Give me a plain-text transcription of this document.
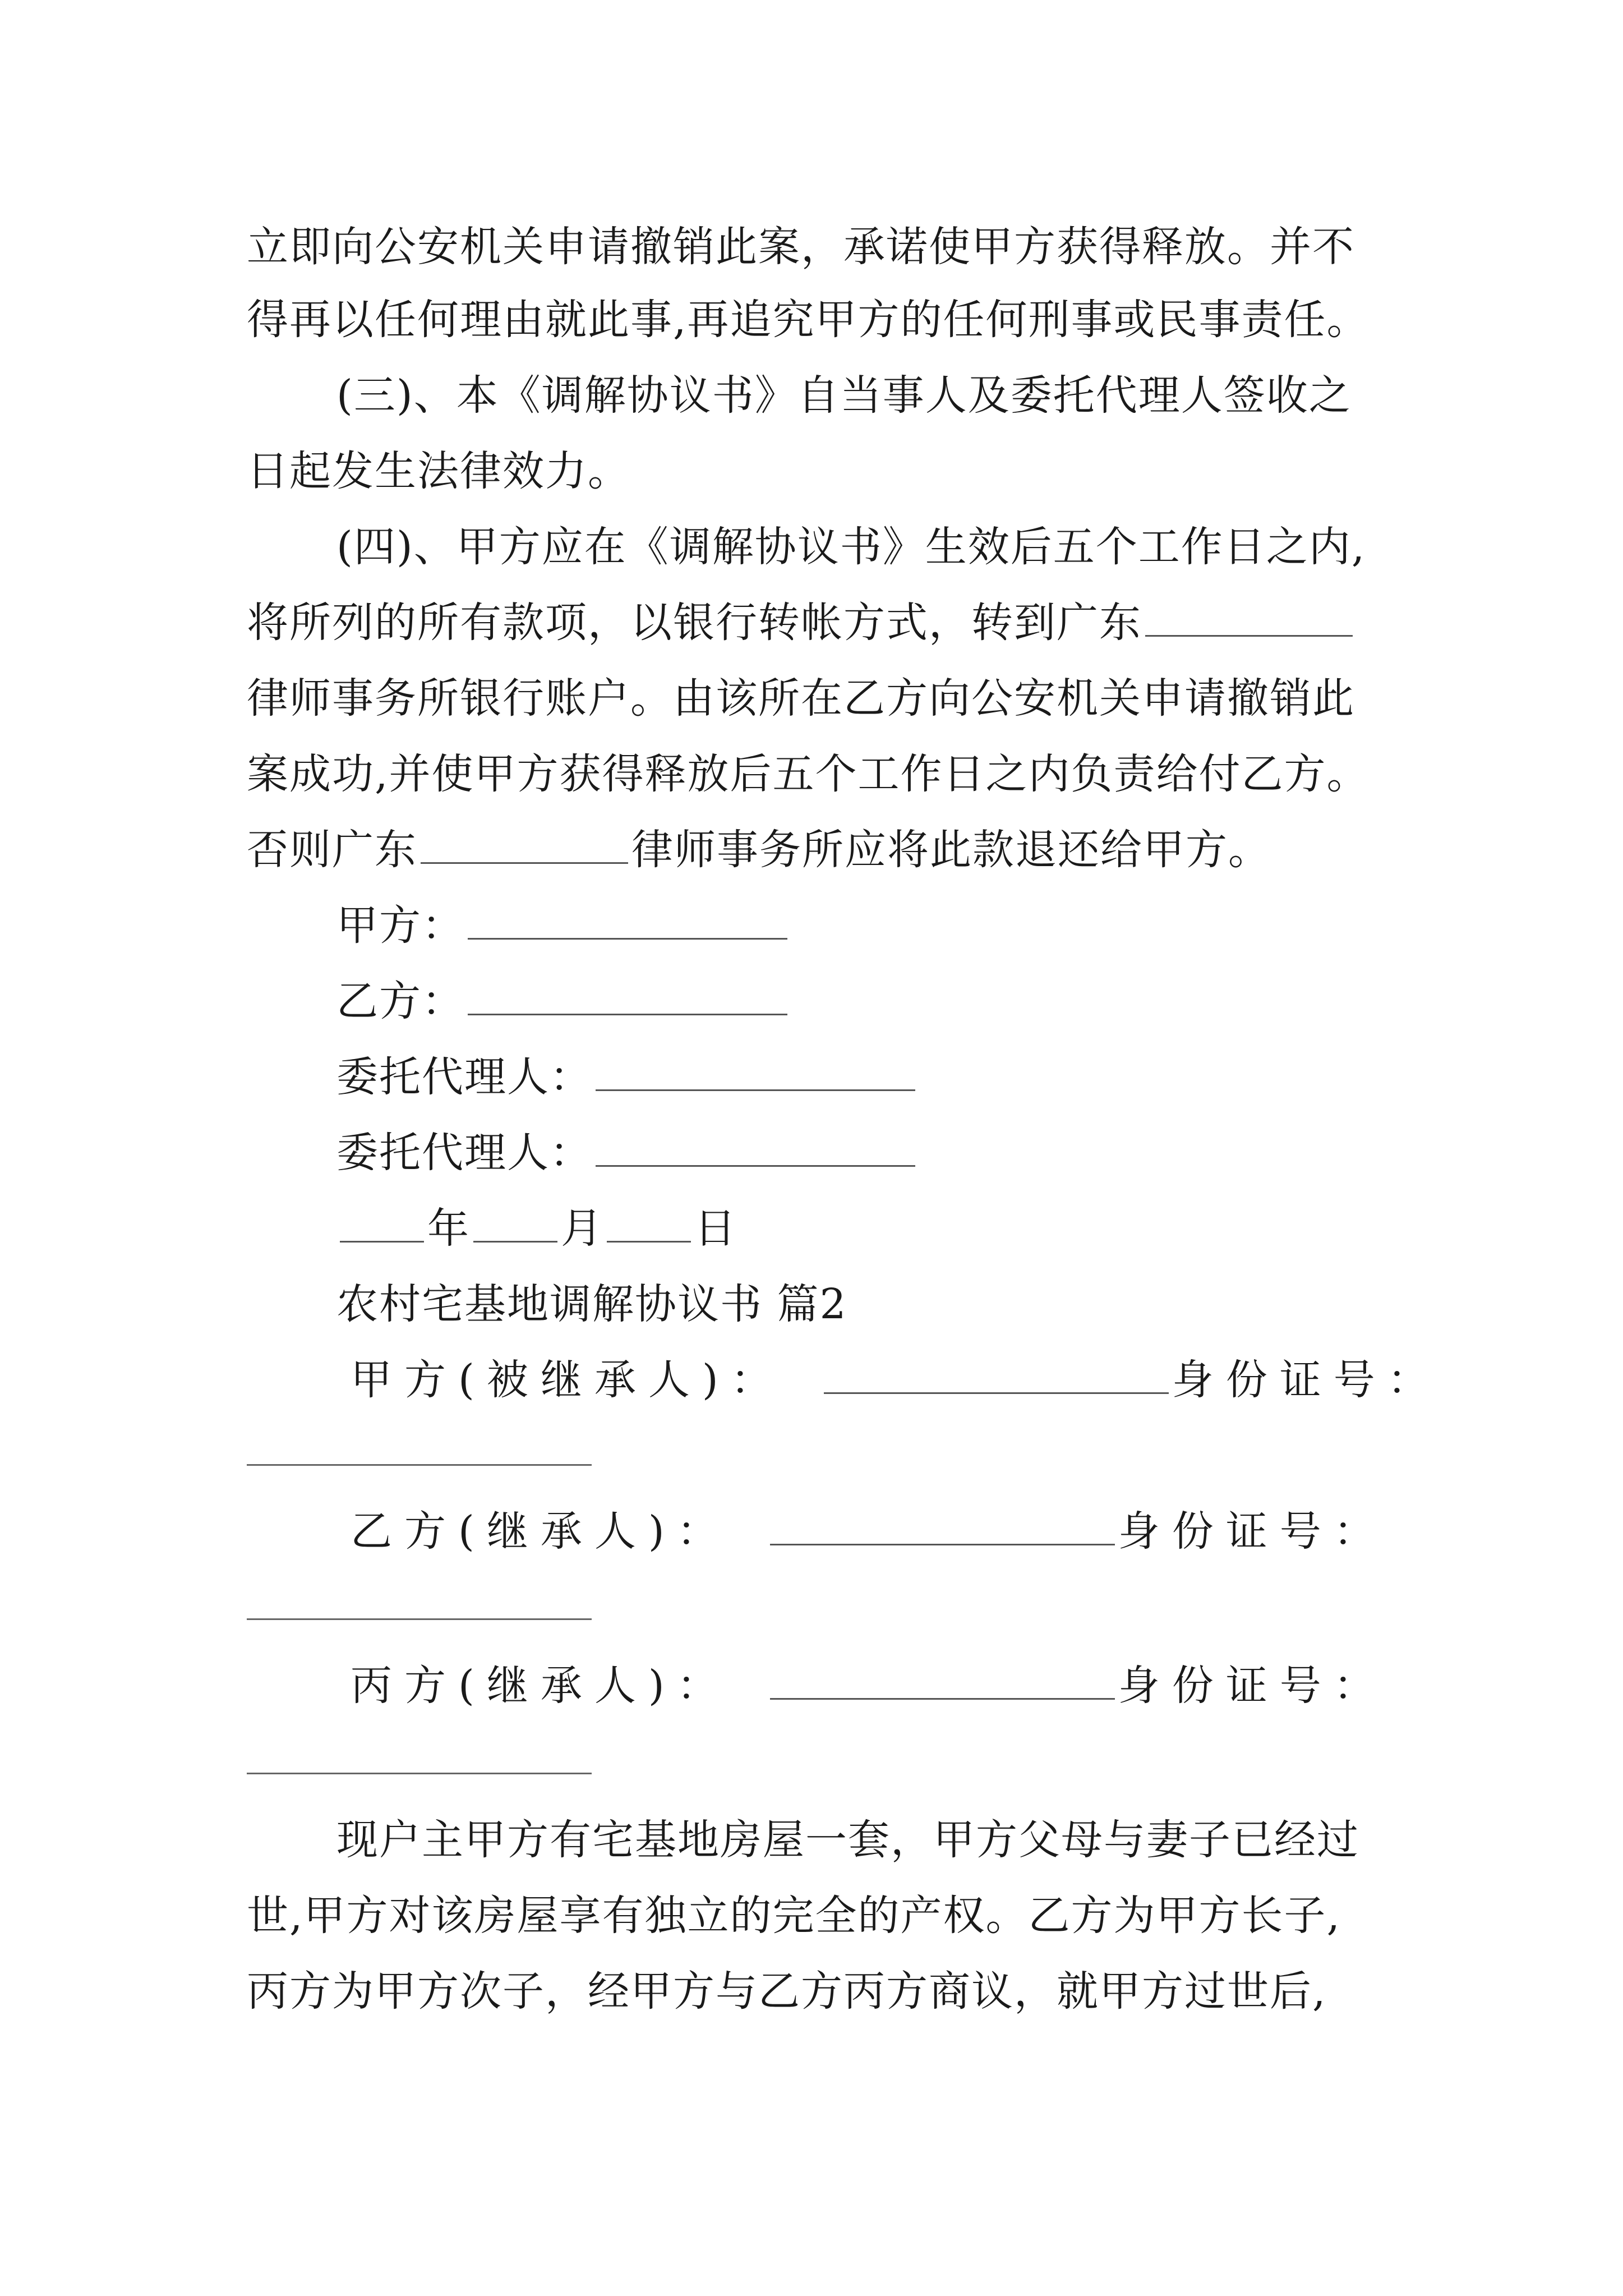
立即向公安机关申请撤销此案，承诺使甲方获得释放。并不
得再以任何理由就此事,再追究甲方的任何刑事或民事责任。
(三)、本《调解协议书》自当事人及委托代理人签收之
日起发生法律效力。
(四)、甲方应在《调解协议书》生效后五个工作日之内,
将所列的所有款项，以银行转帐方式，转到广东
律师事务所银行账户。由该所在乙方向公安机关申请撤销此
案成功,并使甲方获得释放后五个工作日之内负责给付乙方。
否则广东	律师事务所应将此款退还给甲方。
甲方：
乙方：
委托代理人：
委托代理人：
年 月 日
农村宅基地调解协议书 篇2
甲方(被继承人)：	身份证号：
乙方(继承人)：	身份证号：
丙方(继承人)：	身份证号：
现户主甲方有宅基地房屋一套，甲方父母与妻子已经过
世,甲方对该房屋享有独立的完全的产权。乙方为甲方长子,
丙方为甲方次子，经甲方与乙方丙方商议，就甲方过世后,
